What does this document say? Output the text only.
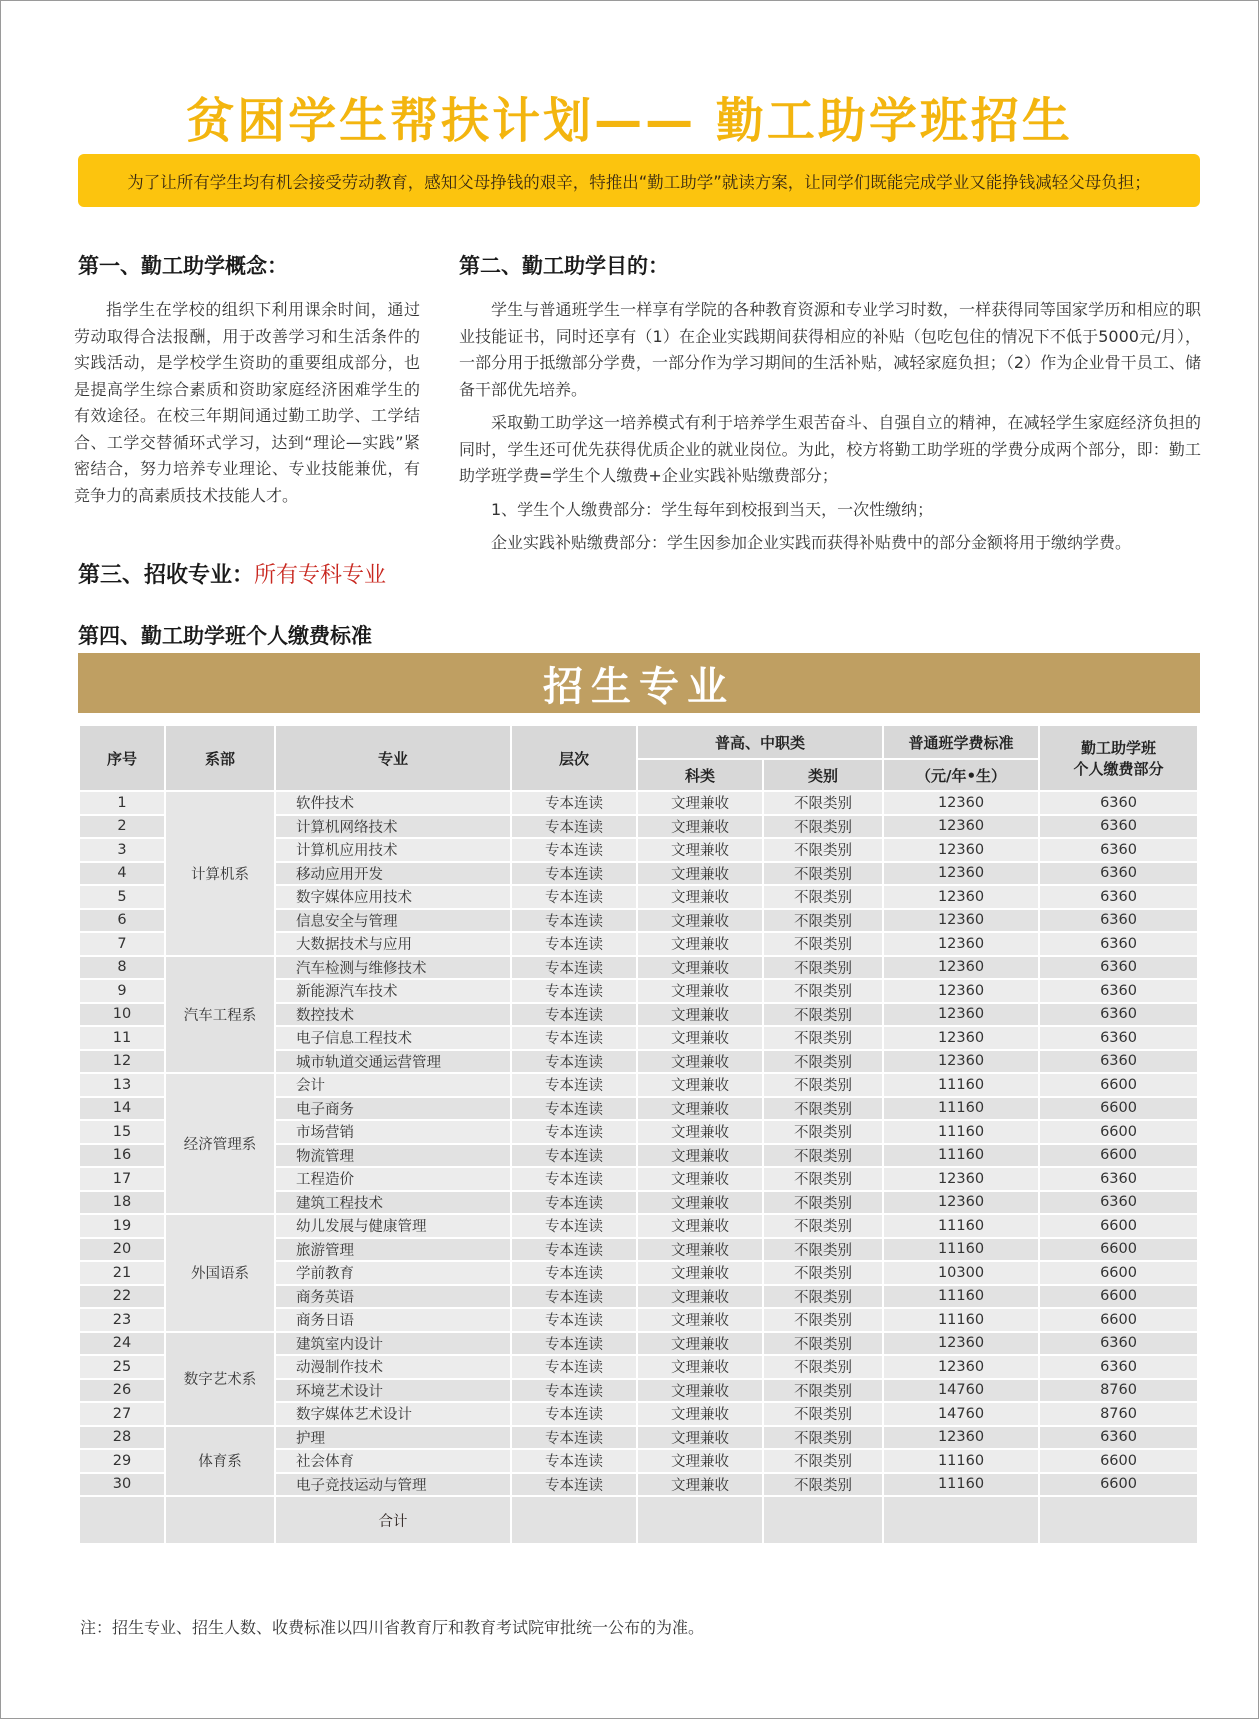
贫困学生帮扶计划—— 勤工助学班招生
为了让所有学生均有机会接受劳动教育，感知父母挣钱的艰辛，特推出“勤工助学”就读方案，让同学们既能完成学业又能挣钱减轻父母负担；
第一、勤工助学概念：

指学生在学校的组织下利用课余时间，通过劳动取得合法报酬，用于改善学习和生活条件的实践活动，是学校学生资助的重要组成部分，也是提高学生综合素质和资助家庭经济困难学生的有效途径。在校三年期间通过勤工助学、工学结合、工学交替循环式学习，达到“理论—实践”紧密结合，努力培养专业理论、专业技能兼优，有竞争力的高素质技术技能人才。

第二、勤工助学目的：

学生与普通班学生一样享有学院的各种教育资源和专业学习时数，一样获得同等国家学历和相应的职业技能证书，同时还享有（1）在企业实践期间获得相应的补贴（包吃包住的情况下不低于5000元/月），一部分用于抵缴部分学费，一部分作为学习期间的生活补贴，减轻家庭负担；（2）作为企业骨干员工、储备干部优先培养。

采取勤工助学这一培养模式有利于培养学生艰苦奋斗、自强自立的精神，在减轻学生家庭经济负担的同时，学生还可优先获得优质企业的就业岗位。为此，校方将勤工助学班的学费分成两个部分，即：勤工助学班学费=学生个人缴费+企业实践补贴缴费部分；

1、学生个人缴费部分：学生每年到校报到当天，一次性缴纳；

企业实践补贴缴费部分：学生因参加企业实践而获得补贴费中的部分金额将用于缴纳学费。

第三、招收专业：所有专科专业
第四、勤工助学班个人缴费标准
招生专业
序号	系部	专业	层次	普高、中职类		普通班学费标准	勤工助学班
个人缴费部分

				科类	类别	（元/年•生）	
1	计算机系	软件技术	专本连读	文理兼收	不限类别	12360	6360
2		计算机网络技术	专本连读	文理兼收	不限类别	12360	6360
3		计算机应用技术	专本连读	文理兼收	不限类别	12360	6360
4		移动应用开发	专本连读	文理兼收	不限类别	12360	6360
5		数字媒体应用技术	专本连读	文理兼收	不限类别	12360	6360
6		信息安全与管理	专本连读	文理兼收	不限类别	12360	6360
7		大数据技术与应用	专本连读	文理兼收	不限类别	12360	6360
8	汽车工程系	汽车检测与维修技术	专本连读	文理兼收	不限类别	12360	6360
9		新能源汽车技术	专本连读	文理兼收	不限类别	12360	6360
10		数控技术	专本连读	文理兼收	不限类别	12360	6360
11		电子信息工程技术	专本连读	文理兼收	不限类别	12360	6360
12		城市轨道交通运营管理	专本连读	文理兼收	不限类别	12360	6360
13	经济管理系	会计	专本连读	文理兼收	不限类别	11160	6600
14		电子商务	专本连读	文理兼收	不限类别	11160	6600
15		市场营销	专本连读	文理兼收	不限类别	11160	6600
16		物流管理	专本连读	文理兼收	不限类别	11160	6600
17		工程造价	专本连读	文理兼收	不限类别	12360	6360
18		建筑工程技术	专本连读	文理兼收	不限类别	12360	6360
19	外国语系	幼儿发展与健康管理	专本连读	文理兼收	不限类别	11160	6600
20		旅游管理	专本连读	文理兼收	不限类别	11160	6600
21		学前教育	专本连读	文理兼收	不限类别	10300	6600
22		商务英语	专本连读	文理兼收	不限类别	11160	6600
23		商务日语	专本连读	文理兼收	不限类别	11160	6600
24	数字艺术系	建筑室内设计	专本连读	文理兼收	不限类别	12360	6360
25		动漫制作技术	专本连读	文理兼收	不限类别	12360	6360
26		环境艺术设计	专本连读	文理兼收	不限类别	14760	8760
27		数字媒体艺术设计	专本连读	文理兼收	不限类别	14760	8760
28	体育系	护理	专本连读	文理兼收	不限类别	12360	6360
29		社会体育	专本连读	文理兼收	不限类别	11160	6600
30		电子竞技运动与管理	专本连读	文理兼收	不限类别	11160	6600
		合计					

注：招生专业、招生人数、收费标准以四川省教育厅和教育考试院审批统一公布的为准。
